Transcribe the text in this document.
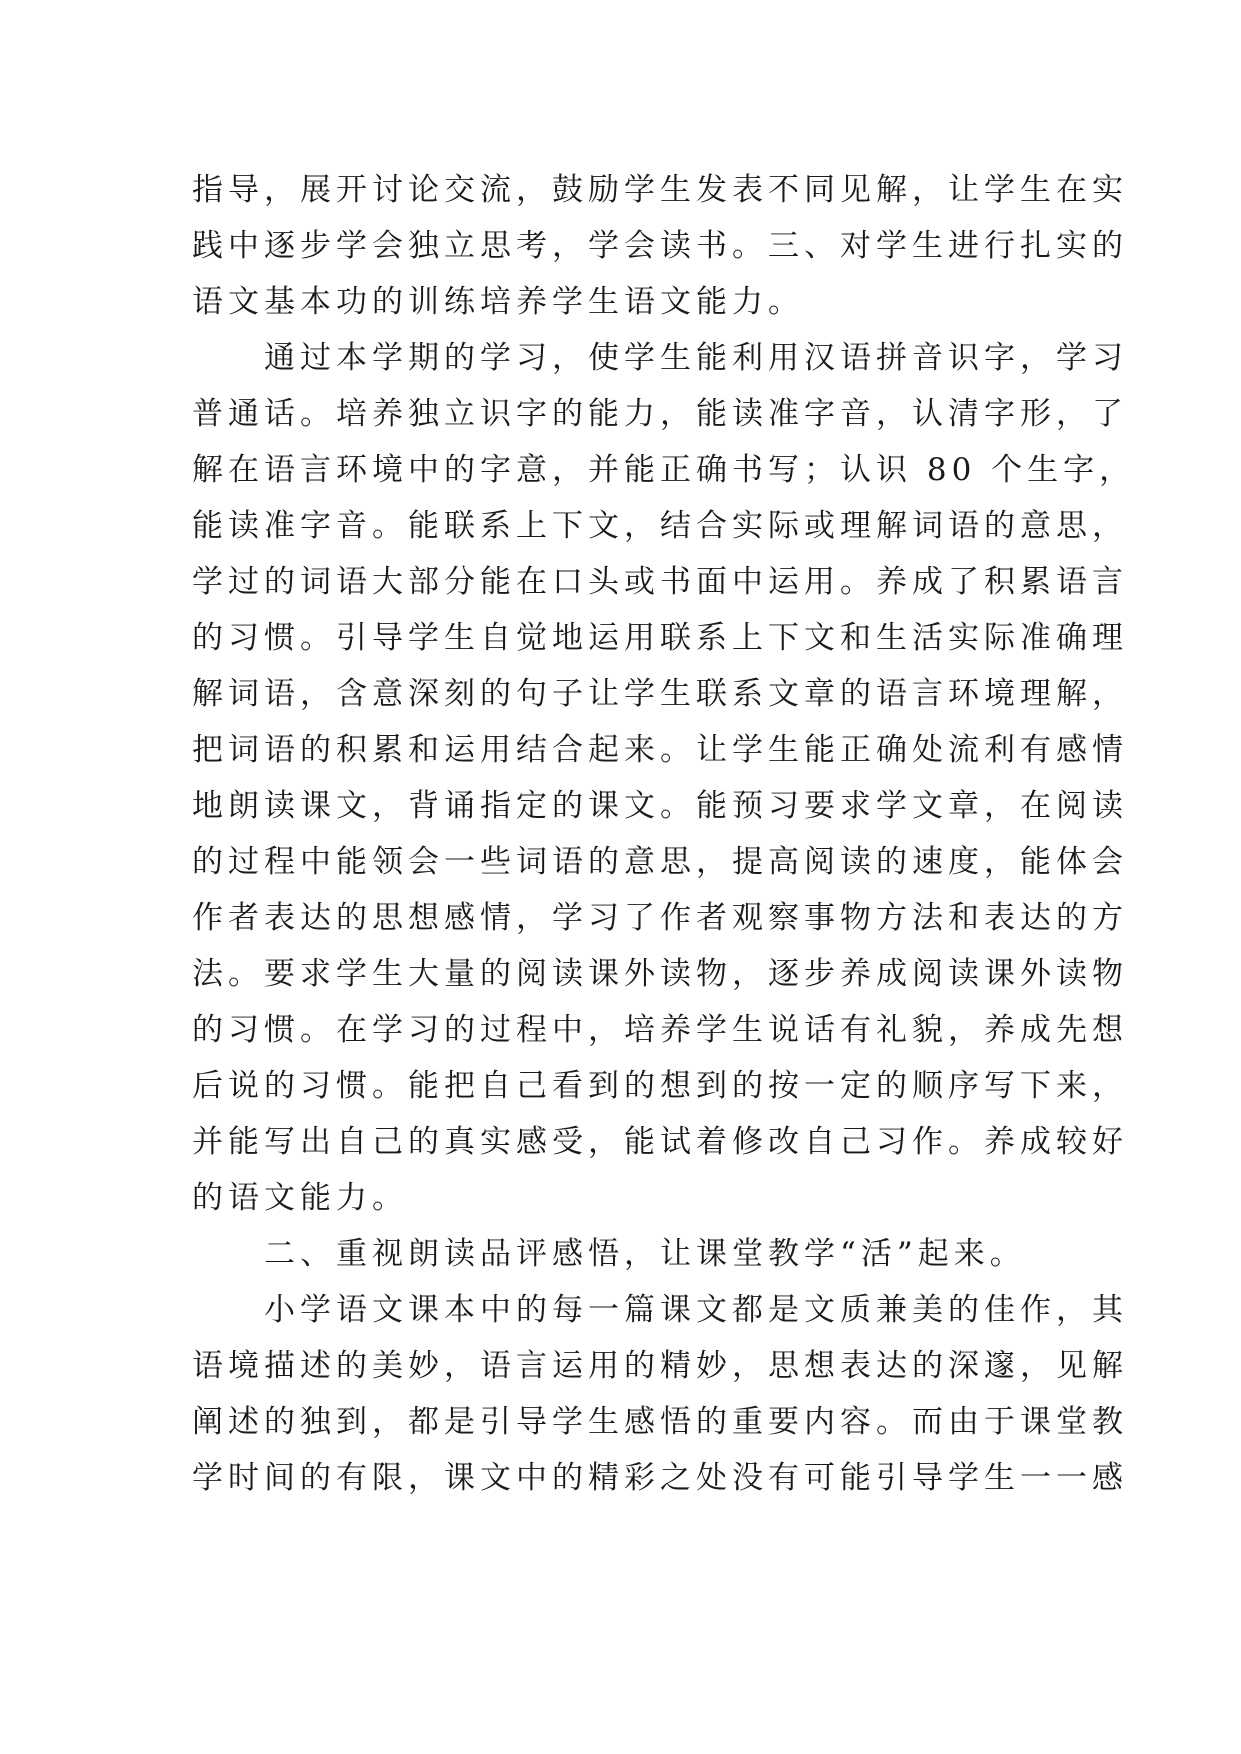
指导，展开讨论交流，鼓励学生发表不同见解，让学生在实
践中逐步学会独立思考，学会读书。三、对学生进行扎实的
语文基本功的训练培养学生语文能力。
通过本学期的学习，使学生能利用汉语拼音识字，学习
普通话。培养独立识字的能力，能读准字音，认清字形，了
解在语言环境中的字意，并能正确书写；认识 80 个生字，
能读准字音。能联系上下文，结合实际或理解词语的意思，
学过的词语大部分能在口头或书面中运用。养成了积累语言
的习惯。引导学生自觉地运用联系上下文和生活实际准确理
解词语，含意深刻的句子让学生联系文章的语言环境理解，
把词语的积累和运用结合起来。让学生能正确处流利有感情
地朗读课文，背诵指定的课文。能预习要求学文章，在阅读
的过程中能领会一些词语的意思，提高阅读的速度，能体会
作者表达的思想感情，学习了作者观察事物方法和表达的方
法。要求学生大量的阅读课外读物，逐步养成阅读课外读物
的习惯。在学习的过程中，培养学生说话有礼貌，养成先想
后说的习惯。能把自己看到的想到的按一定的顺序写下来，
并能写出自己的真实感受，能试着修改自己习作。养成较好
的语文能力。
二、重视朗读品评感悟，让课堂教学“活”起来。
小学语文课本中的每一篇课文都是文质兼美的佳作，其
语境描述的美妙，语言运用的精妙，思想表达的深邃，见解
阐述的独到，都是引导学生感悟的重要内容。而由于课堂教
学时间的有限，课文中的精彩之处没有可能引导学生一一感
